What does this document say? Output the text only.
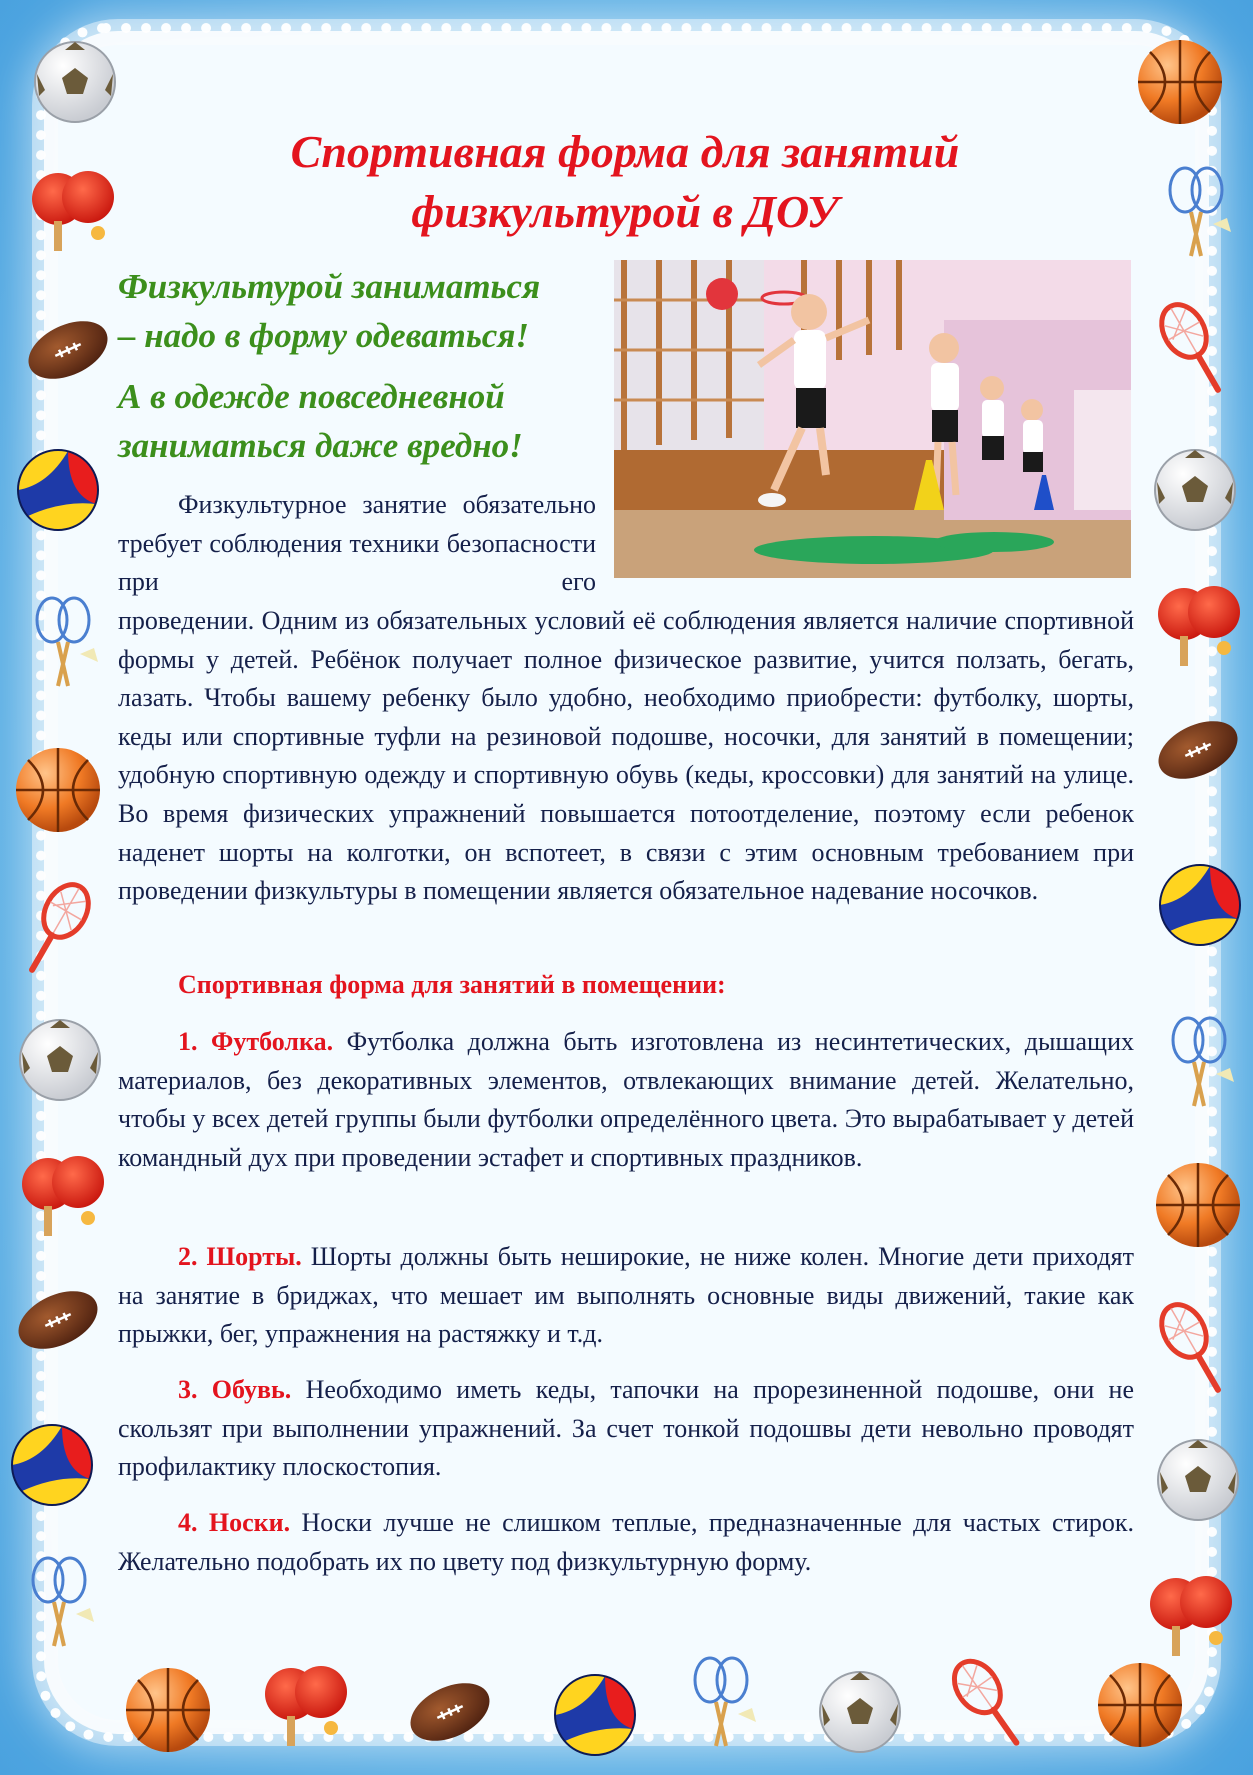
Спортивная форма для занятий
физкультурой в ДОУ
Физкультурой заниматься
– надо в форму одеваться!
А в одежде повседневной
заниматься даже вредно!
Физкультурное занятие обязательно требует соблюдения техники безопасности при его
проведении. Одним из обязательных условий её соблюдения является наличие спортивной формы у детей. Ребёнок получает полное физическое развитие, учится ползать, бегать, лазать. Чтобы вашему ребенку было удобно, необходимо приобрести: футболку, шорты, кеды или спортивные туфли на резиновой подошве, носочки, для занятий в помещении; удобную спортивную одежду и спортивную обувь (кеды, кроссовки) для занятий на улице. Во время физических упражнений повышается потоотделение, поэтому если ребенок наденет шорты на колготки, он вспотеет, в связи с этим основным требованием при проведении физкультуры в помещении является обязательное надевание носочков.
Спортивная форма для занятий в помещении:
1. Футболка. Футболка должна быть изготовлена из несинтетических, дышащих материалов, без декоративных элементов, отвлекающих внимание детей. Желательно, чтобы у всех детей группы были футболки определённого цвета. Это вырабатывает у детей командный дух при проведении эстафет и спортивных праздников.
2. Шорты. Шорты должны быть неширокие, не ниже колен. Многие дети приходят на занятие в бриджах, что мешает им выполнять основные виды движений, такие как прыжки, бег, упражнения на растяжку и т.д.
3. Обувь. Необходимо иметь кеды, тапочки на прорезиненной подошве, они не скользят при выполнении упражнений. За счет тонкой подошвы дети невольно проводят профилактику плоскостопия.
4. Носки. Носки лучше не слишком теплые, предназначенные для частых стирок. Желательно подобрать их по цвету под физкультурную форму.
